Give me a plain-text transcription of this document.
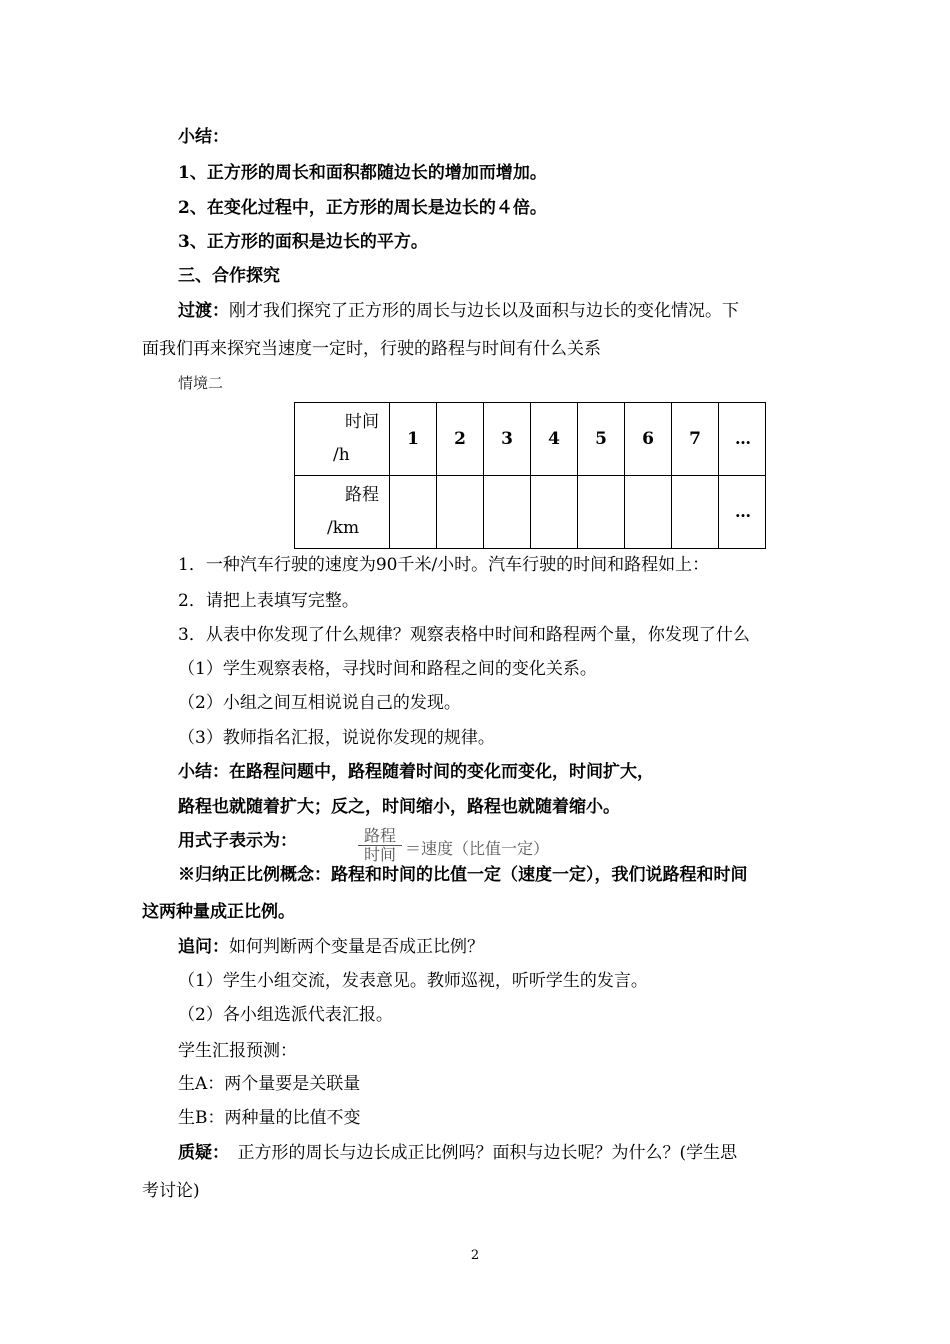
小结：
1、正方形的周长和面积都随边长的增加而增加。
2、在变化过程中，正方形的周长是边长的４倍。
3、正方形的面积是边长的平方。
三、合作探究
过渡：刚才我们探究了正方形的周长与边长以及面积与边长的变化情况。下
面我们再来探究当速度一定时，行驶的路程与时间有什么关系
情境二
时间
/h	1	2	3	4	5	6	7	…

路程
/km								…
1．一种汽车行驶的速度为90千米/小时。汽车行驶的时间和路程如上：
2．请把上表填写完整。
3．从表中你发现了什么规律？观察表格中时间和路程两个量，你发现了什么
（1）学生观察表格，寻找时间和路程之间的变化关系。
（2）小组之间互相说说自己的发现。
（3）教师指名汇报，说说你发现的规律。
小结：在路程问题中，路程随着时间的变化而变化，时间扩大，
路程也就随着扩大；反之，时间缩小，路程也就随着缩小。
用式子表示为：	路程
时间 ＝速度（比值一定）
※归纳正比例概念：路程和时间的比值一定（速度一定），我们说路程和时间
这两种量成正比例。
追问：如何判断两个变量是否成正比例？
（1）学生小组交流，发表意见。教师巡视，听听学生的发言。
（2）各小组选派代表汇报。
学生汇报预测：
生A：两个量要是关联量
生B：两种量的比值不变
质疑：　正方形的周长与边长成正比例吗？面积与边长呢？为什么？(学生思
考讨论)
2
